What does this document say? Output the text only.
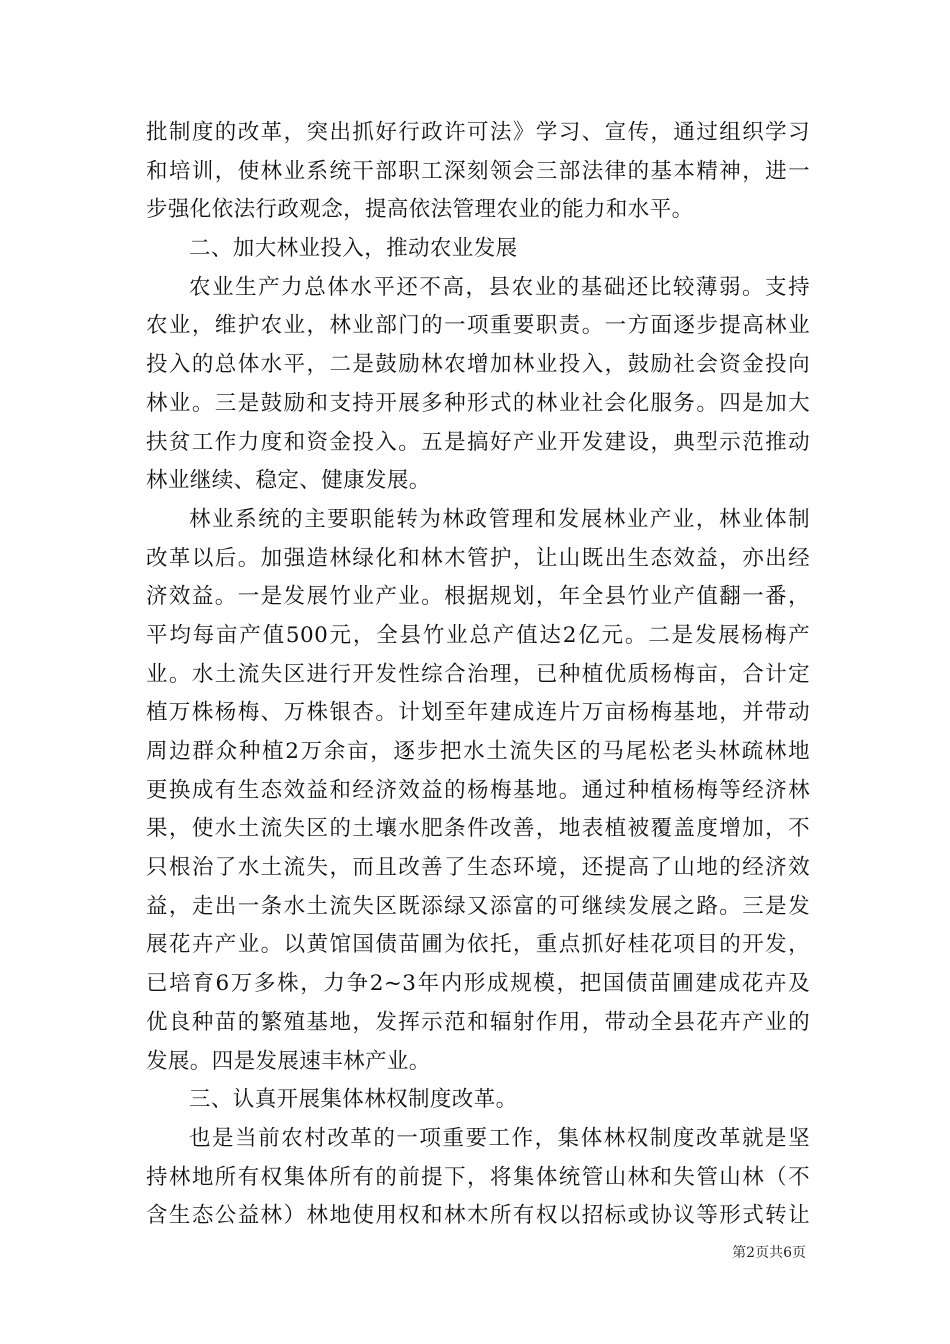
批制度的改革，突出抓好行政许可法》学习、宣传，通过组织学习
和培训，使林业系统干部职工深刻领会三部法律的基本精神，进一
步强化依法行政观念，提高依法管理农业的能力和水平。
二、加大林业投入，推动农业发展
农业生产力总体水平还不高，县农业的基础还比较薄弱。支持
农业，维护农业，林业部门的一项重要职责。一方面逐步提高林业
投入的总体水平，二是鼓励林农增加林业投入，鼓励社会资金投向
林业。三是鼓励和支持开展多种形式的林业社会化服务。四是加大
扶贫工作力度和资金投入。五是搞好产业开发建设，典型示范推动
林业继续、稳定、健康发展。
林业系统的主要职能转为林政管理和发展林业产业，林业体制
改革以后。加强造林绿化和林木管护，让山既出生态效益，亦出经
济效益。一是发展竹业产业。根据规划，年全县竹业产值翻一番，
平均每亩产值500元，全县竹业总产值达2亿元。二是发展杨梅产
业。水土流失区进行开发性综合治理，已种植优质杨梅亩，合计定
植万株杨梅、万株银杏。计划至年建成连片万亩杨梅基地，并带动
周边群众种植2万余亩，逐步把水土流失区的马尾松老头林疏林地
更换成有生态效益和经济效益的杨梅基地。通过种植杨梅等经济林
果，使水土流失区的土壤水肥条件改善，地表植被覆盖度增加，不
只根治了水土流失，而且改善了生态环境，还提高了山地的经济效
益，走出一条水土流失区既添绿又添富的可继续发展之路。三是发
展花卉产业。以黄馆国债苗圃为依托，重点抓好桂花项目的开发，
已培育6万多株，力争2~3年内形成规模，把国债苗圃建成花卉及
优良种苗的繁殖基地，发挥示范和辐射作用，带动全县花卉产业的
发展。四是发展速丰林产业。
三、认真开展集体林权制度改革。
也是当前农村改革的一项重要工作，集体林权制度改革就是坚
持林地所有权集体所有的前提下，将集体统管山林和失管山林（不
含生态公益林）林地使用权和林木所有权以招标或协议等形式转让
第2页共6页
